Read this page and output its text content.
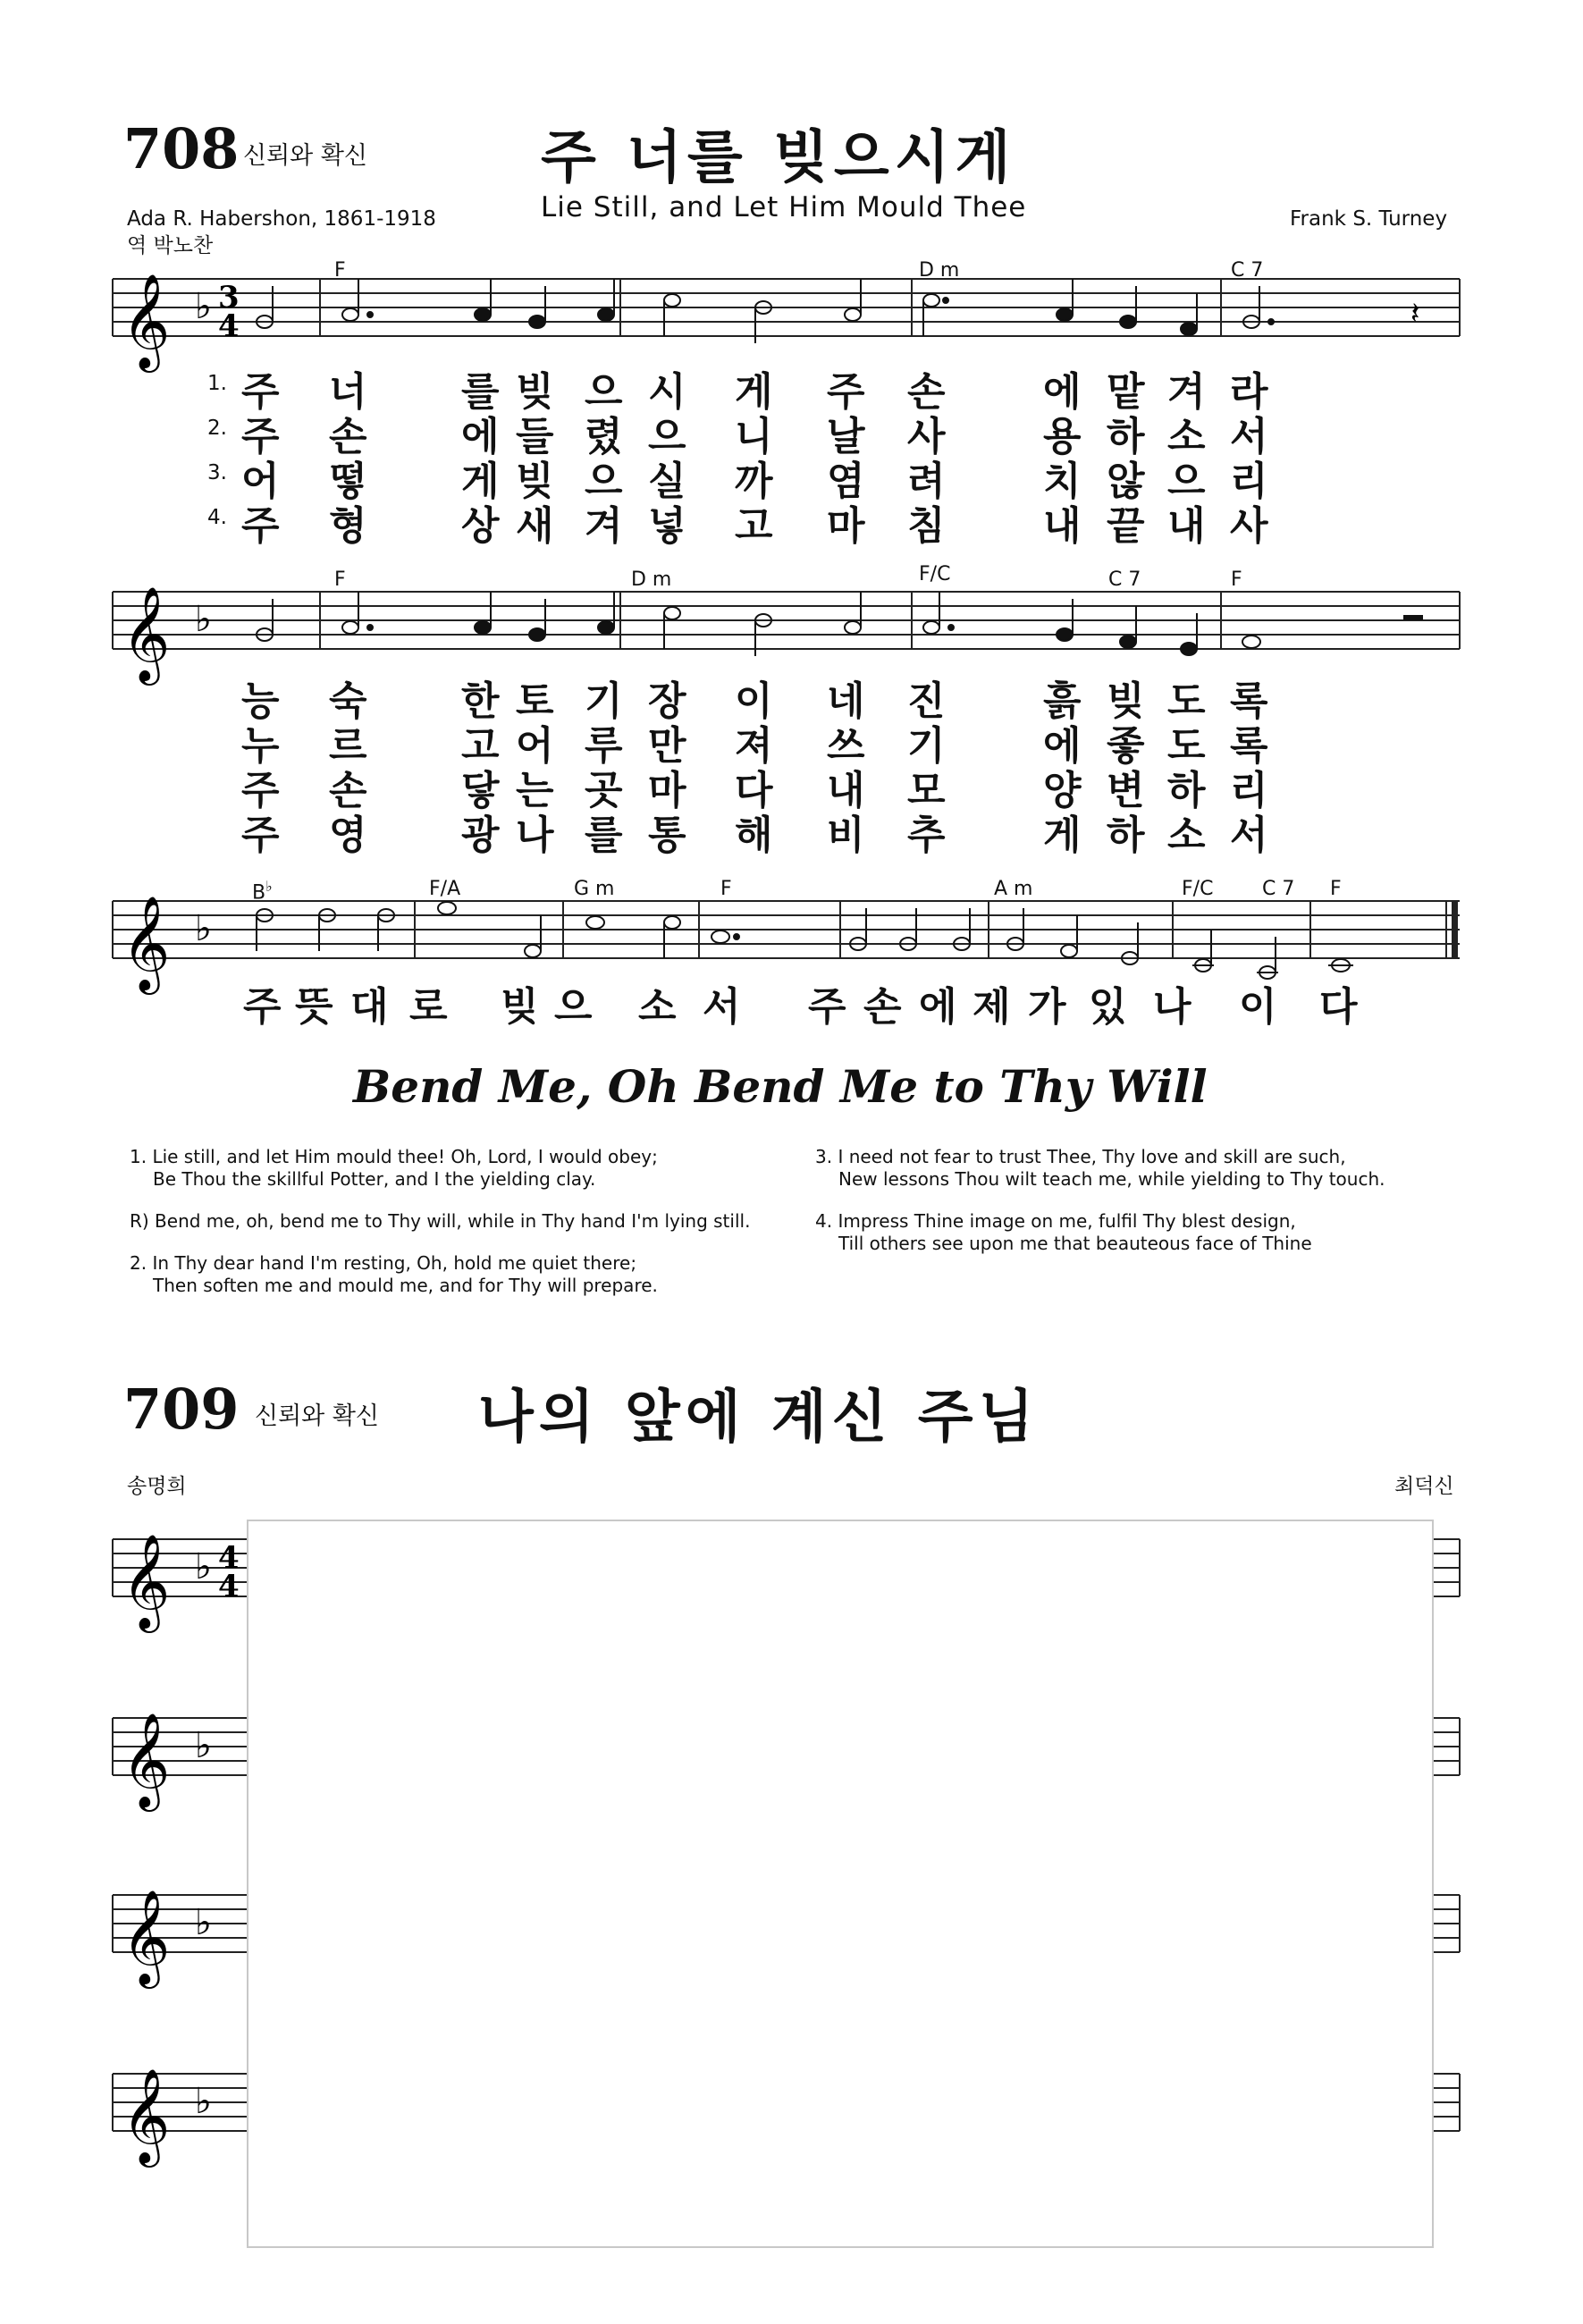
708 신뢰와 확신	주 너를 빚으시게
Lie Still, and Let Him Mould Thee
Ada R. Habershon, 1861-1918
역 박노찬
Frank S. Turney
F	D m	C 7
𝄞 ♭ 3
4	𝄽
1.
2.
3.
4.
주 너 를 빚 으 시 게 주 손 에 맡 겨 라
주 손 에 들 렸 으 니 날 사 용 하 소 서
어 떻 게 빚 으 실 까 염 려 치 않 으 리
주 형 상 새 겨 넣 고 마 침 내 끝 내 사
F	D m	F/C	C 7	F
𝄞 ♭
능 숙 한 토 기 장 이 네 진 흙 빚 도 록
누 르 고 어 루 만 져 쓰 기 에 좋 도 록
주 손 닿 는 곳 마 다 내 모 양 변 하 리
주 영 광 나 를 통 해 비 추 게 하 소 서
B♭	F/A	G m	F	A m	F/C C 7 F
𝄞 ♭
주 뜻 대 로 빚 으 소 서 주 손 에 제 가 있 나 이 다
Bend Me, Oh Bend Me to Thy Will
1. Lie still, and let Him mould thee! Oh, Lord, I would obey;
Be Thou the skillful Potter, and I the yielding clay.
R) Bend me, oh, bend me to Thy will, while in Thy hand I'm lying still.
2. In Thy dear hand I'm resting, Oh, hold me quiet there;
Then soften me and mould me, and for Thy will prepare.
3. I need not fear to trust Thee, Thy love and skill are such,
New lessons Thou wilt teach me, while yielding to Thy touch.
4. Impress Thine image on me, fulfil Thy blest design,
Till others see upon me that beauteous face of Thine
709 신뢰와 확신 나의 앞에 계신 주님
송명희	최덕신
𝄞 ♭ 4
4
𝄞 ♭
𝄞 ♭
𝄞 ♭
